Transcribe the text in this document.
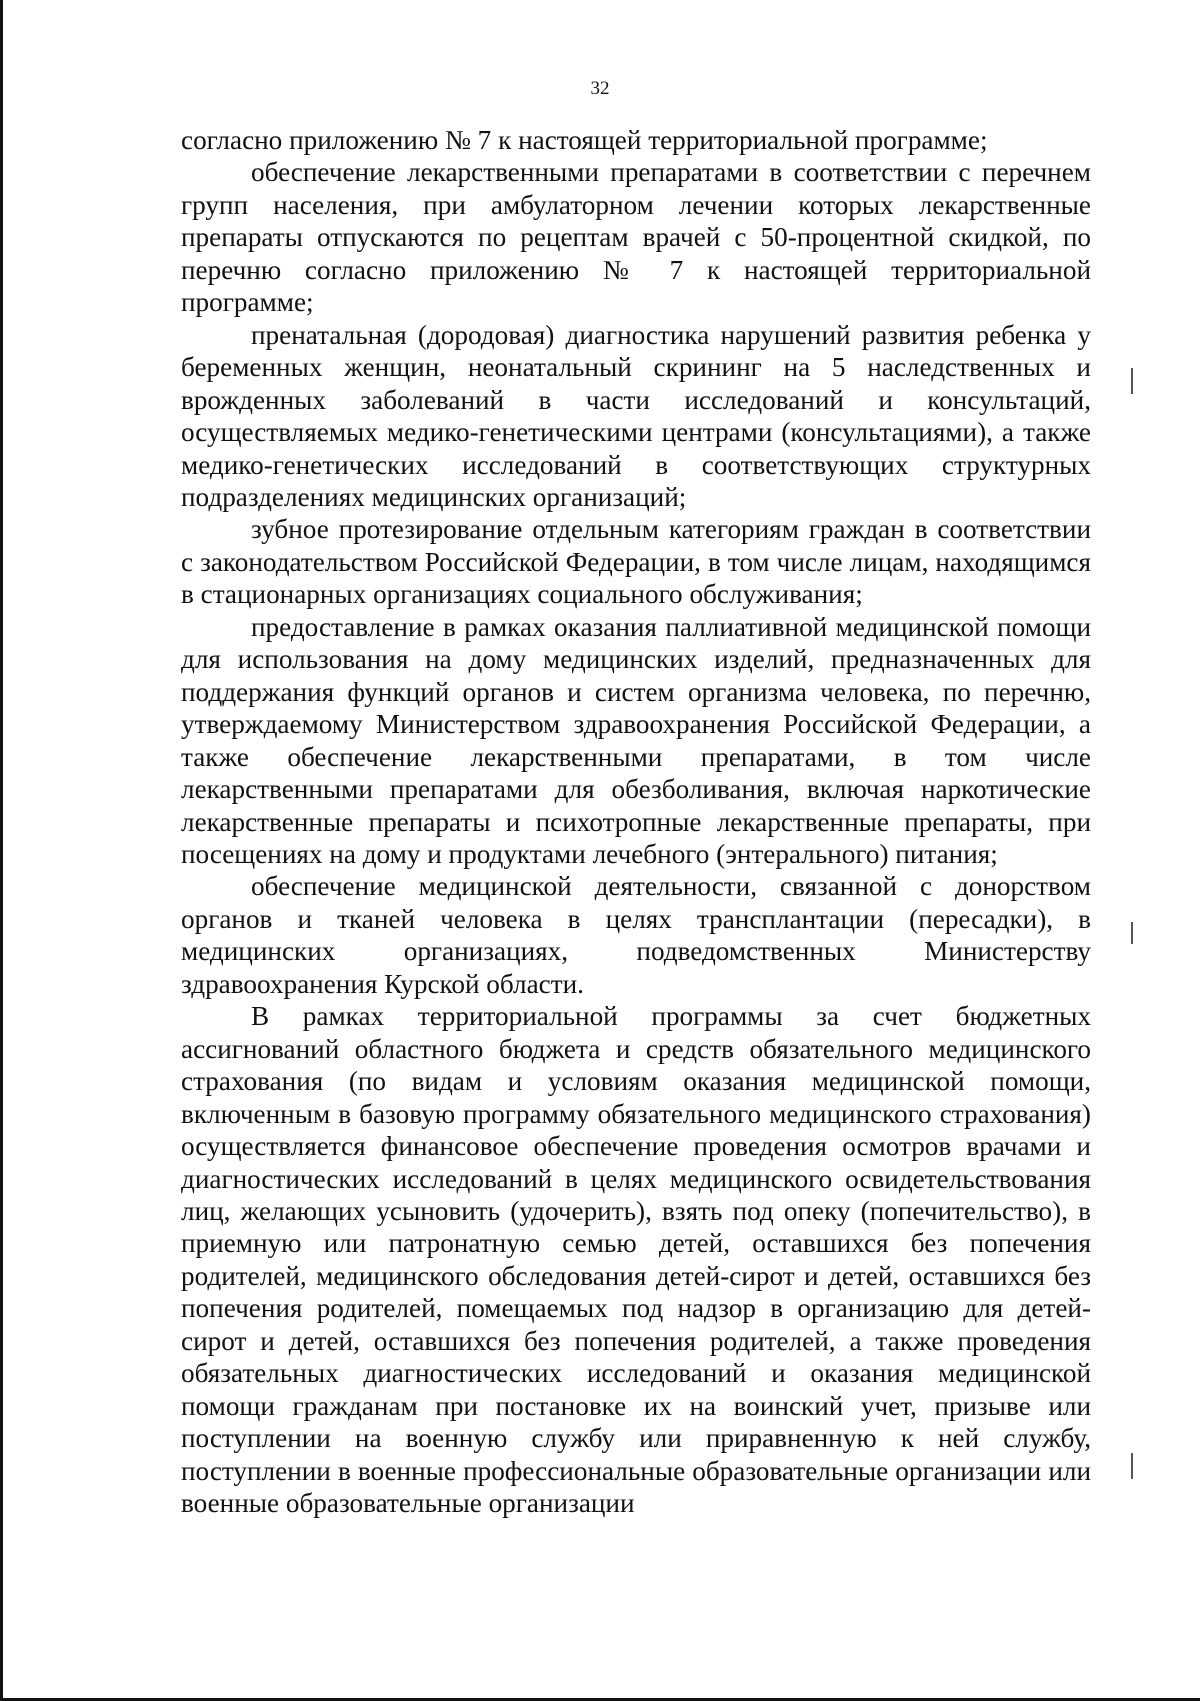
32

согласно приложению № 7 к настоящей территориальной программе;

обеспечение лекарственными препаратами в соответствии с перечнем групп населения, при амбулаторном лечении которых лекарственные препараты отпускаются по рецептам врачей с 50-процентной скидкой, по перечню согласно приложению № 7 к настоящей территориальной программе;

пренатальная (дородовая) диагностика нарушений развития ребенка у беременных женщин, неонатальный скрининг на 5 наследственных и врожденных заболеваний в части исследований и консультаций, осуществляемых медико-генетическими центрами (консультациями), а также медико-генетических исследований в соответствующих структурных подразделениях медицинских организаций;

зубное протезирование отдельным категориям граждан в соответствии с законодательством Российской Федерации, в том числе лицам, находящимся в стационарных организациях социального обслуживания;

предоставление в рамках оказания паллиативной медицинской помощи для использования на дому медицинских изделий, предназначенных для поддержания функций органов и систем организма человека, по перечню, утверждаемому Министерством здравоохранения Российской Федерации, а также обеспечение лекарственными препаратами, в том числе лекарственными препаратами для обезболивания, включая наркотические лекарственные препараты и психотропные лекарственные препараты, при посещениях на дому и продуктами лечебного (энтерального) питания;

обеспечение медицинской деятельности, связанной с донорством органов и тканей человека в целях трансплантации (пересадки), в медицинских организациях, подведомственных Министерству здравоохранения Курской области.

В рамках территориальной программы за счет бюджетных ассигнований областного бюджета и средств обязательного медицинского страхования (по видам и условиям оказания медицинской помощи, включенным в базовую программу обязательного медицинского страхования) осуществляется финансовое обеспечение проведения осмотров врачами и диагностических исследований в целях медицинского освидетельствования лиц, желающих усыновить (удочерить), взять под опеку (попечительство), в приемную или патронатную семью детей, оставшихся без попечения родителей, медицинского обследования детей-сирот и детей, оставшихся без попечения родителей, помещаемых под надзор в организацию для детей-сирот и детей, оставшихся без попечения родителей, а также проведения обязательных диагностических исследований и оказания медицинской помощи гражданам при постановке их на воинский учет, призыве или поступлении на военную службу или приравненную к ней службу, поступлении в военные профессиональные образовательные организации или военные образовательные организации
